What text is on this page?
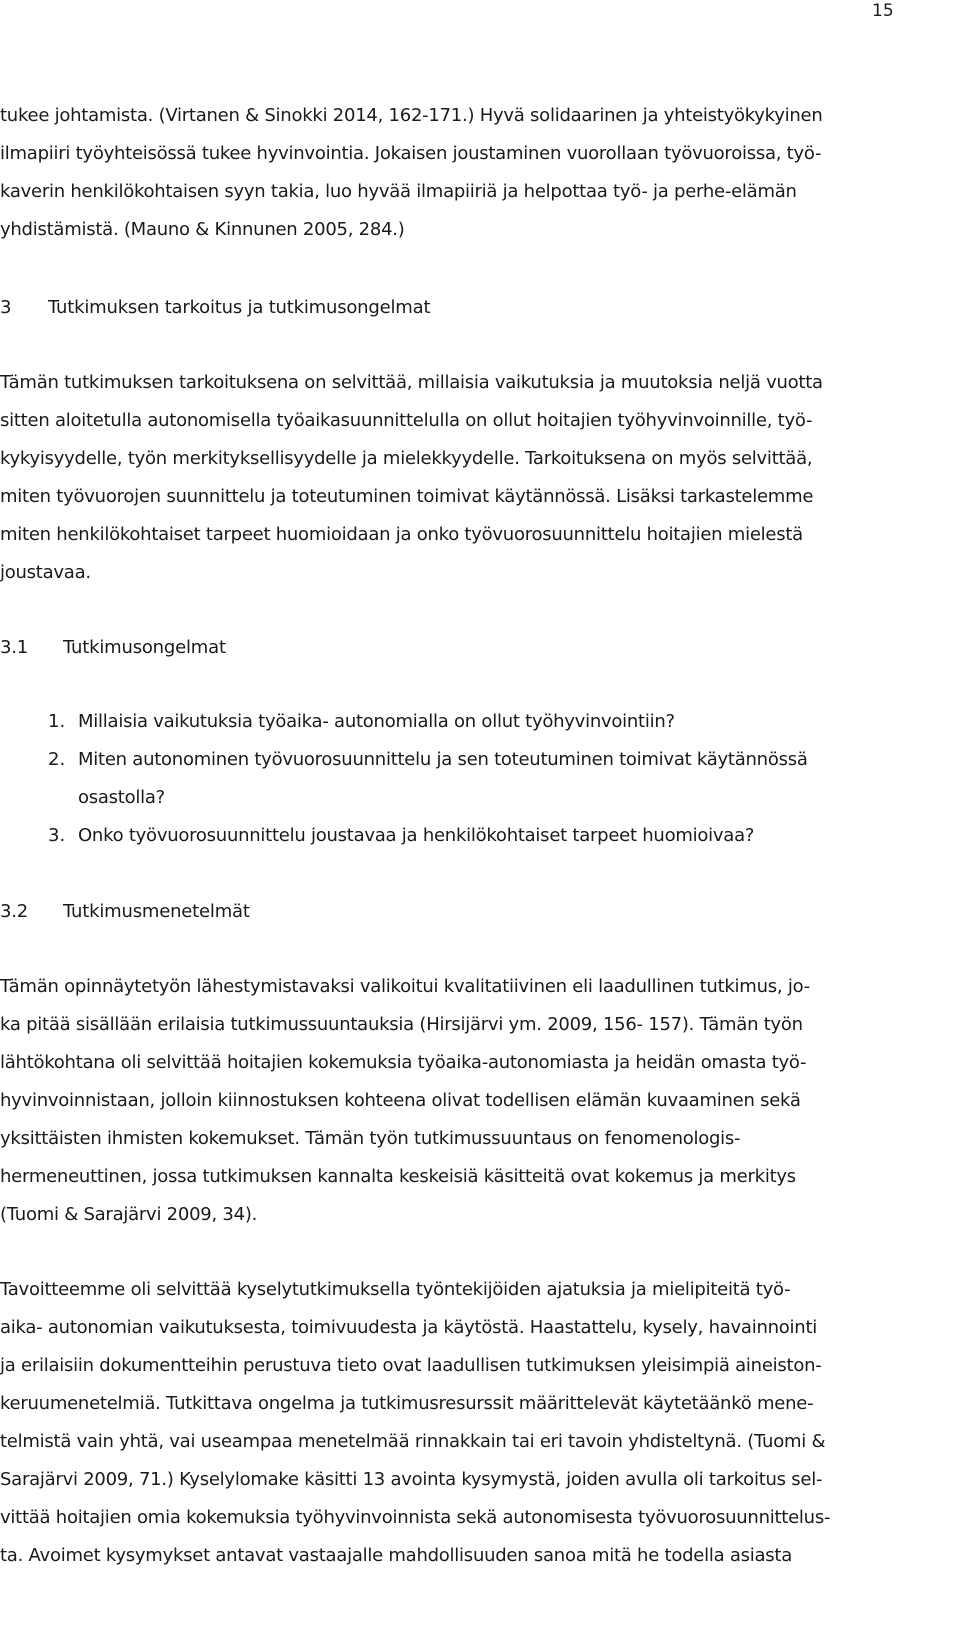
15
tukee johtamista. (Virtanen & Sinokki 2014, 162-171.) Hyvä solidaarinen ja yhteistyökykyinen
ilmapiiri työyhteisössä tukee hyvinvointia. Jokaisen joustaminen vuorollaan työvuoroissa, työ-
kaverin henkilökohtaisen syyn takia, luo hyvää ilmapiiriä ja helpottaa työ- ja perhe-elämän
yhdistämistä. (Mauno & Kinnunen 2005, 284.)
3 Tutkimuksen tarkoitus ja tutkimusongelmat
Tämän tutkimuksen tarkoituksena on selvittää, millaisia vaikutuksia ja muutoksia neljä vuotta
sitten aloitetulla autonomisella työaikasuunnittelulla on ollut hoitajien työhyvinvoinnille, työ-
kykyisyydelle, työn merkityksellisyydelle ja mielekkyydelle. Tarkoituksena on myös selvittää,
miten työvuorojen suunnittelu ja toteutuminen toimivat käytännössä. Lisäksi tarkastelemme
miten henkilökohtaiset tarpeet huomioidaan ja onko työvuorosuunnittelu hoitajien mielestä
joustavaa.
3.1 Tutkimusongelmat
1. Millaisia vaikutuksia työaika- autonomialla on ollut työhyvinvointiin?
2. Miten autonominen työvuorosuunnittelu ja sen toteutuminen toimivat käytännössä
osastolla?
3. Onko työvuorosuunnittelu joustavaa ja henkilökohtaiset tarpeet huomioivaa?
3.2 Tutkimusmenetelmät
Tämän opinnäytetyön lähestymistavaksi valikoitui kvalitatiivinen eli laadullinen tutkimus, jo-
ka pitää sisällään erilaisia tutkimussuuntauksia (Hirsijärvi ym. 2009, 156- 157). Tämän työn
lähtökohtana oli selvittää hoitajien kokemuksia työaika-autonomiasta ja heidän omasta työ-
hyvinvoinnistaan, jolloin kiinnostuksen kohteena olivat todellisen elämän kuvaaminen sekä
yksittäisten ihmisten kokemukset. Tämän työn tutkimussuuntaus on fenomenologis-
hermeneuttinen, jossa tutkimuksen kannalta keskeisiä käsitteitä ovat kokemus ja merkitys
(Tuomi & Sarajärvi 2009, 34).
Tavoitteemme oli selvittää kyselytutkimuksella työntekijöiden ajatuksia ja mielipiteitä työ-
aika- autonomian vaikutuksesta, toimivuudesta ja käytöstä. Haastattelu, kysely, havainnointi
ja erilaisiin dokumentteihin perustuva tieto ovat laadullisen tutkimuksen yleisimpiä aineiston-
keruumenetelmiä. Tutkittava ongelma ja tutkimusresurssit määrittelevät käytetäänkö mene-
telmistä vain yhtä, vai useampaa menetelmää rinnakkain tai eri tavoin yhdisteltynä. (Tuomi &
Sarajärvi 2009, 71.) Kyselylomake käsitti 13 avointa kysymystä, joiden avulla oli tarkoitus sel-
vittää hoitajien omia kokemuksia työhyvinvoinnista sekä autonomisesta työvuorosuunnittelus-
ta. Avoimet kysymykset antavat vastaajalle mahdollisuuden sanoa mitä he todella asiasta
